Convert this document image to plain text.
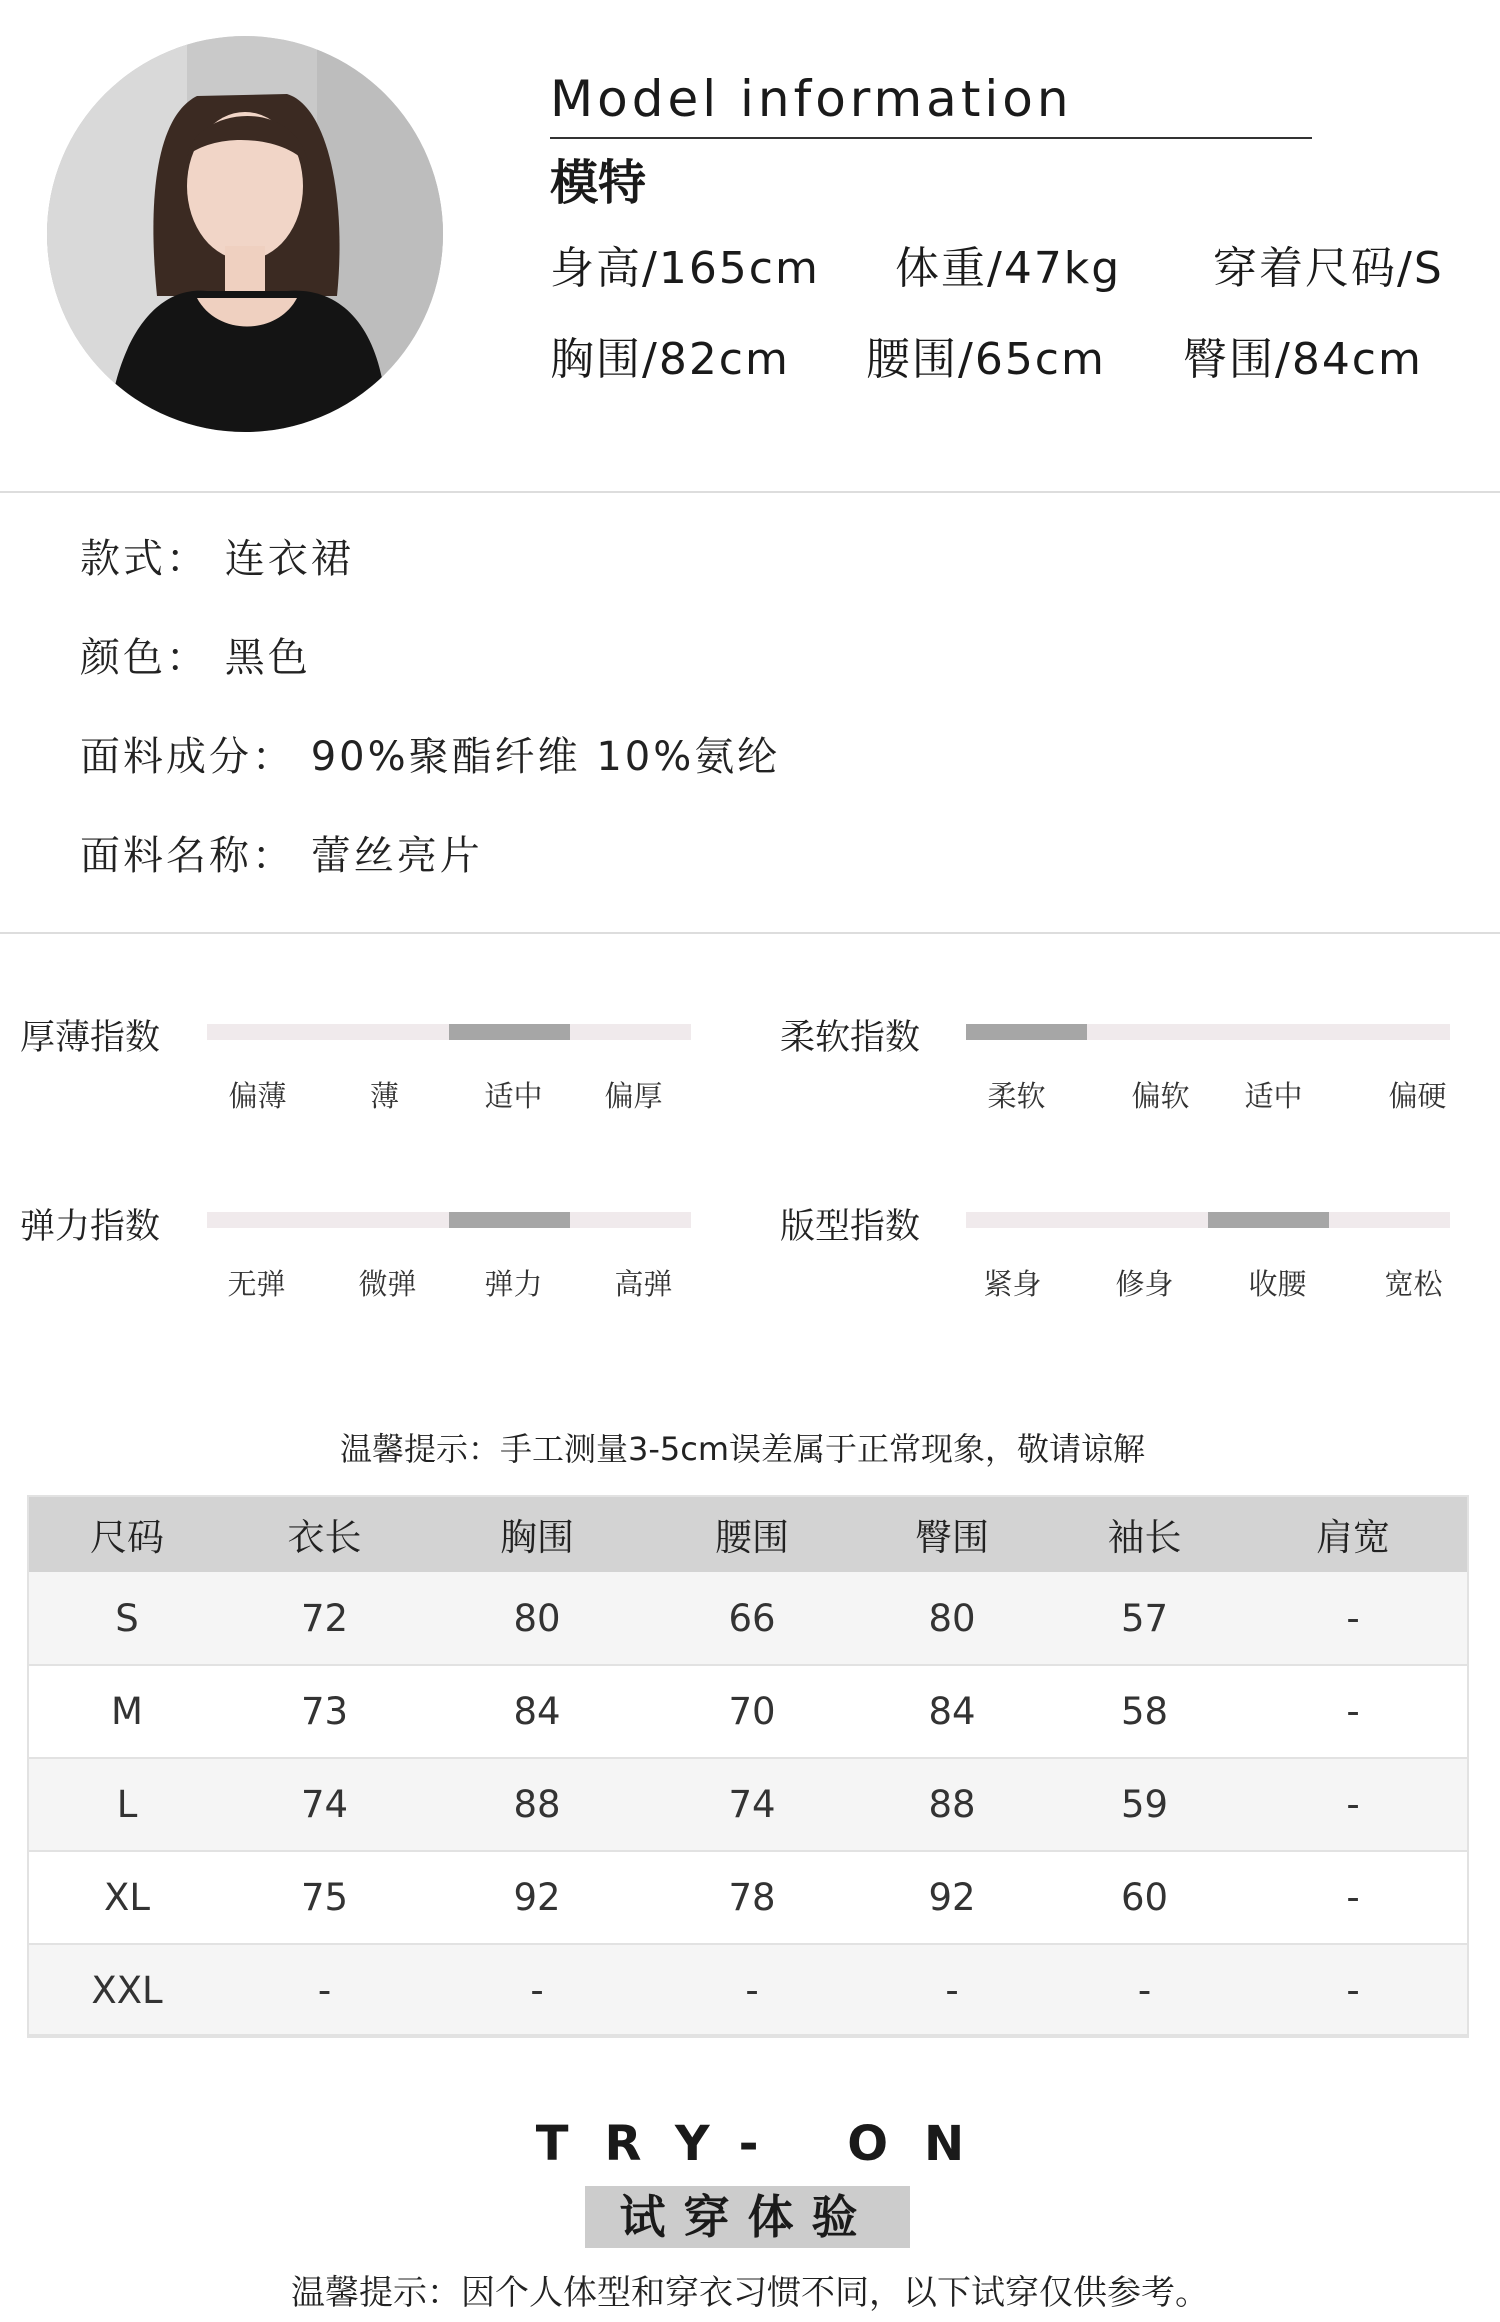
Model information
模特
身高/165cm 体重/47kg 穿着尺码/S
胸围/82cm 腰围/65cm 臀围/84cm
款式： 连衣裙
颜色： 黑色
面料成分： 90%聚酯纤维 10%氨纶
面料名称： 蕾丝亮片
厚薄指数
偏薄	薄	适中	偏厚
柔软指数
柔软	偏软	适中	偏硬
弹力指数
无弹	微弹	弹力	高弹
版型指数
紧身	修身	收腰	宽松
温馨提示：手工测量3-5cm误差属于正常现象，敬请谅解
尺码	衣长	胸围	腰围	臀围	袖长	肩宽
S	72	80	66	80	57	-
M	73	84	70	84	58	-
L	74	88	74	88	59	-
XL	75	92	78	92	60	-
XXL	-	-	-	-	-	-
TRY- ON
试穿体验
温馨提示：因个人体型和穿衣习惯不同，以下试穿仅供参考。
